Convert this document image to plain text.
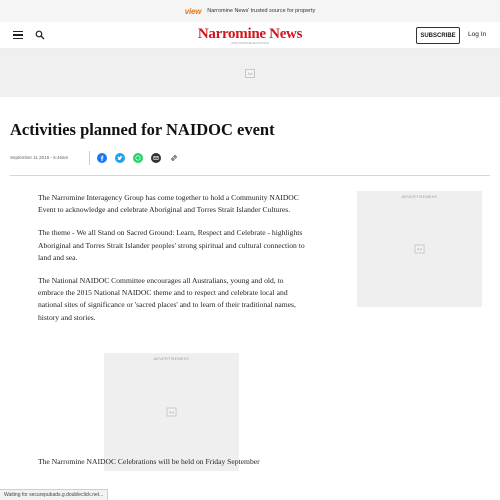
view Narromine News' trusted source for property
Narromine News
AND TRANGIE ADVOCATE
SUBSCRIBE	Log In
Ad
Activities planned for NAIDOC event
September 11 2015 - 6:46am

The Narromine Interagency Group has come together to hold a Community NAIDOC Event to acknowledge and celebrate Aboriginal and Torres Strait Islander Cultures.

The theme - We all Stand on Sacred Ground: Learn, Respect and Celebrate - highlights Aboriginal and Torres Strait Islander peoples' strong spiritual and cultural connection to land and sea.

The National NAIDOC Committee encourages all Australians, young and old, to embrace the 2015 National NAIDOC theme and to respect and celebrate local and national sites of significance or 'sacred places' and to learn of their traditional names, history and stories.

ADVERTISEMENT
Ad
ADVERTISEMENT
Ad
The Narromine NAIDOC Celebrations will be held on Friday September
Waiting for securepubads.g.doubleclick.net...
